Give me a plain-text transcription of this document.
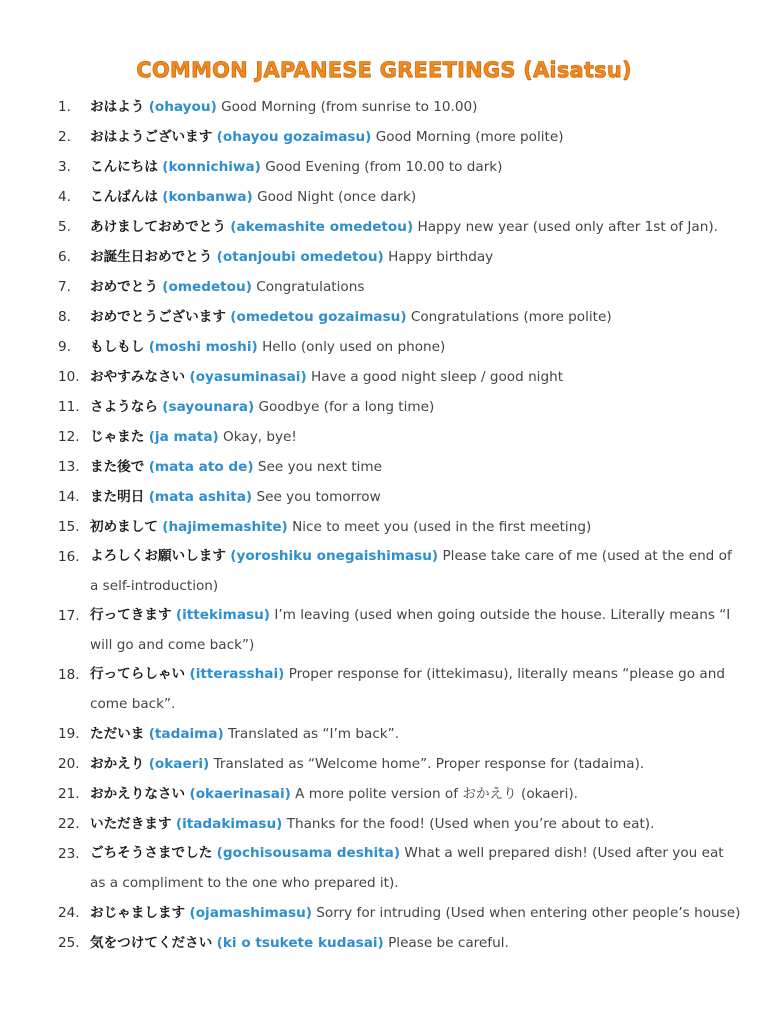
COMMON JAPANESE GREETINGS (Aisatsu)
1.	おはよう (ohayou) Good Morning (from sunrise to 10.00)
2.	おはようございます (ohayou gozaimasu) Good Morning (more polite)
3.	こんにちは (konnichiwa) Good Evening (from 10.00 to dark)
4.	こんばんは (konbanwa) Good Night (once dark)
5.	あけましておめでとう (akemashite omedetou) Happy new year (used only after 1st of Jan).
6.	お誕生日おめでとう (otanjoubi omedetou) Happy birthday
7.	おめでとう (omedetou) Congratulations
8.	おめでとうございます (omedetou gozaimasu) Congratulations (more polite)
9.	もしもし (moshi moshi) Hello (only used on phone)
10. おやすみなさい (oyasuminasai) Have a good night sleep / good night
11. さようなら (sayounara) Goodbye (for a long time)
12. じゃまた (ja mata) Okay, bye!
13. また後で (mata ato de) See you next time
14. また明日 (mata ashita) See you tomorrow
15. 初めまして (hajimemashite) Nice to meet you (used in the first meeting)
16. よろしくお願いします (yoroshiku onegaishimasu) Please take care of me (used at the end of a self-introduction)
17. 行ってきます (ittekimasu) I’m leaving (used when going outside the house. Literally means “I will go and come back”)
18. 行ってらしゃい (itterasshai) Proper response for (ittekimasu), literally means “please go and come back”.
19. ただいま (tadaima) Translated as “I’m back”.
20. おかえり (okaeri) Translated as “Welcome home”. Proper response for (tadaima).
21. おかえりなさい (okaerinasai) A more polite version of おかえり (okaeri).
22. いただきます (itadakimasu) Thanks for the food! (Used when you’re about to eat).
23. ごちそうさまでした (gochisousama deshita) What a well prepared dish! (Used after you eat as a compliment to the one who prepared it).
24. おじゃまします (ojamashimasu) Sorry for intruding (Used when entering other people’s house)
25. 気をつけてください (ki o tsukete kudasai) Please be careful.
